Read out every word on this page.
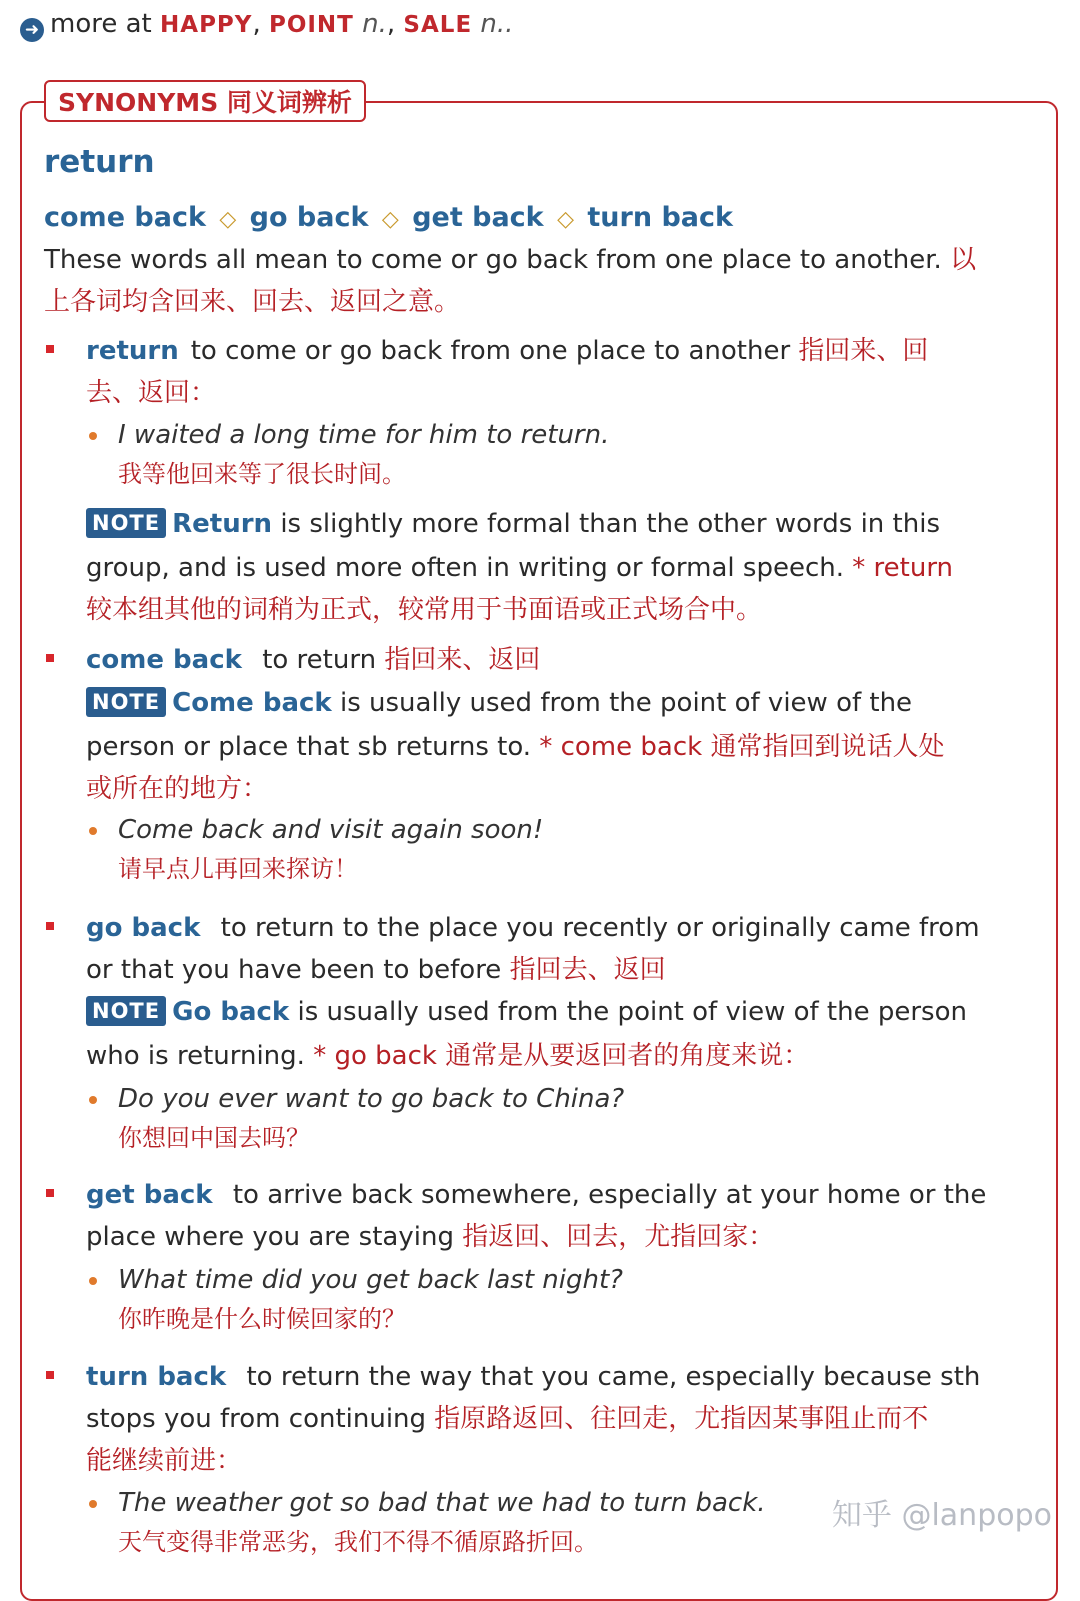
➜ more at HAPPY, POINT n., SALE n..
SYNONYMS 同义词辨析
return
come back ◇ go back ◇ get back ◇ turn back
These words all mean to come or go back from one place to another. 以
上各词均含回来、回去、返回之意。
return to come or go back from one place to another 指回来、回
去、返回：
I waited a long time for him to return.
我等他回来等了很长时间。
NOTE Return is slightly more formal than the other words in this
group, and is used more often in writing or formal speech. * return
较本组其他的词稍为正式，较常用于书面语或正式场合中。
come back to return 指回来、返回
NOTE Come back is usually used from the point of view of the
person or place that sb returns to. * come back 通常指回到说话人处
或所在的地方：
Come back and visit again soon!
请早点儿再回来探访！
go back to return to the place you recently or originally came from
or that you have been to before 指回去、返回
NOTE Go back is usually used from the point of view of the person
who is returning. * go back 通常是从要返回者的角度来说：
Do you ever want to go back to China?
你想回中国去吗？
get back to arrive back somewhere, especially at your home or the
place where you are staying 指返回、回去，尤指回家：
What time did you get back last night?
你昨晚是什么时候回家的？
turn back to return the way that you came, especially because sth
stops you from continuing 指原路返回、往回走，尤指因某事阻止而不
能继续前进：
The weather got so bad that we had to turn back.
天气变得非常恶劣，我们不得不循原路折回。
知乎 @lanpopo
